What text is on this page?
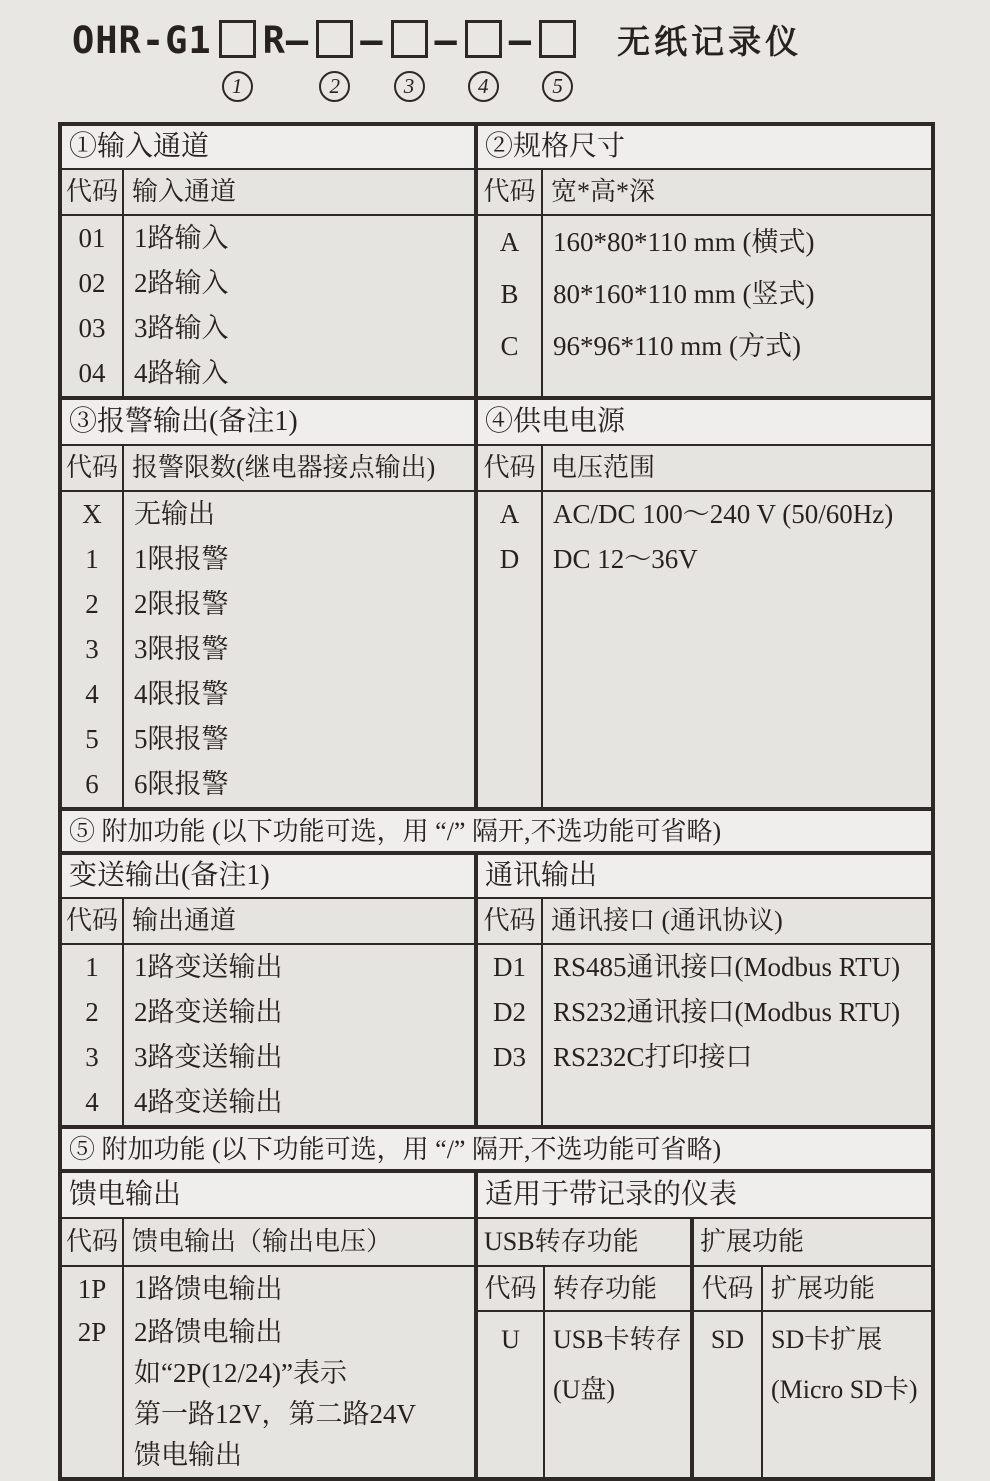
OHR-G1
1
R–
2
–
3
–
4
–
5
无纸记录仪
①输入通道
代码
01
02
03
04
输入通道
1路输入
2路输入
3路输入
4路输入
②规格尺寸
代码
A
B
C
宽*高*深
160*80*110 mm (横式)
80*160*110 mm (竖式)
96*96*110 mm (方式)
③报警输出(备注1)
代码
X
1
2
3
4
5
6
报警限数(继电器接点输出)
无输出
1限报警
2限报警
3限报警
4限报警
5限报警
6限报警
④供电电源
代码
A
D
电压范围
AC/DC 100～240 V (50/60Hz)
DC 12～36V
⑤ 附加功能 (以下功能可选，用 “/” 隔开,不选功能可省略)
变送输出(备注1)
代码
1
2
3
4
输出通道
1路变送输出
2路变送输出
3路变送输出
4路变送输出
通讯输出
代码
D1
D2
D3
通讯接口 (通讯协议)
RS485通讯接口(Modbus RTU)
RS232通讯接口(Modbus RTU)
RS232C打印接口
⑤ 附加功能 (以下功能可选，用 “/” 隔开,不选功能可省略)
馈电输出
代码
1P
2P
馈电输出（输出电压）
1路馈电输出
2路馈电输出
如“2P(12/24)”表示
第一路12V，第二路24V
馈电输出
适用于带记录的仪表
USB转存功能
代码
U
转存功能
USB卡转存
(U盘)
扩展功能
代码
SD
扩展功能
SD卡扩展
(Micro SD卡)
